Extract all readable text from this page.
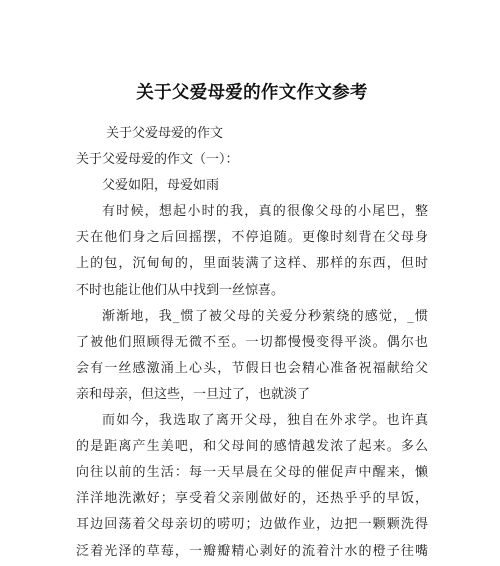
关于父爱母爱的作文作文参考
关于父爱母爱的作文
关于父爱母爱的作文（一）：
父爱如阳，母爱如雨
有时候，想起小时的我，真的很像父母的小尾巴，整
天在他们身之后回摇摆，不停追随。更像时刻背在父母身
上的包，沉甸甸的，里面装满了这样、那样的东西，但时
不时也能让他们从中找到一丝惊喜。
渐渐地，我_惯了被父母的关爱分秒萦绕的感觉，_惯
了被他们照顾得无微不至。一切都慢慢变得平淡。偶尔也
会有一丝感激涌上心头，节假日也会精心准备祝福献给父
亲和母亲，但这些，一旦过了，也就淡了
而如今，我选取了离开父母，独自在外求学。也许真
的是距离产生美吧，和父母间的感情越发浓了起来。多么
向往以前的生活：每一天早晨在父母的催促声中醒来，懒
洋洋地洗漱好；享受着父亲刚做好的，还热乎乎的早饭，
耳边回荡着父母亲切的唠叨；边做作业，边把一颗颗洗得
泛着光泽的草莓，一瓣瓣精心剥好的流着汁水的橙子往嘴
